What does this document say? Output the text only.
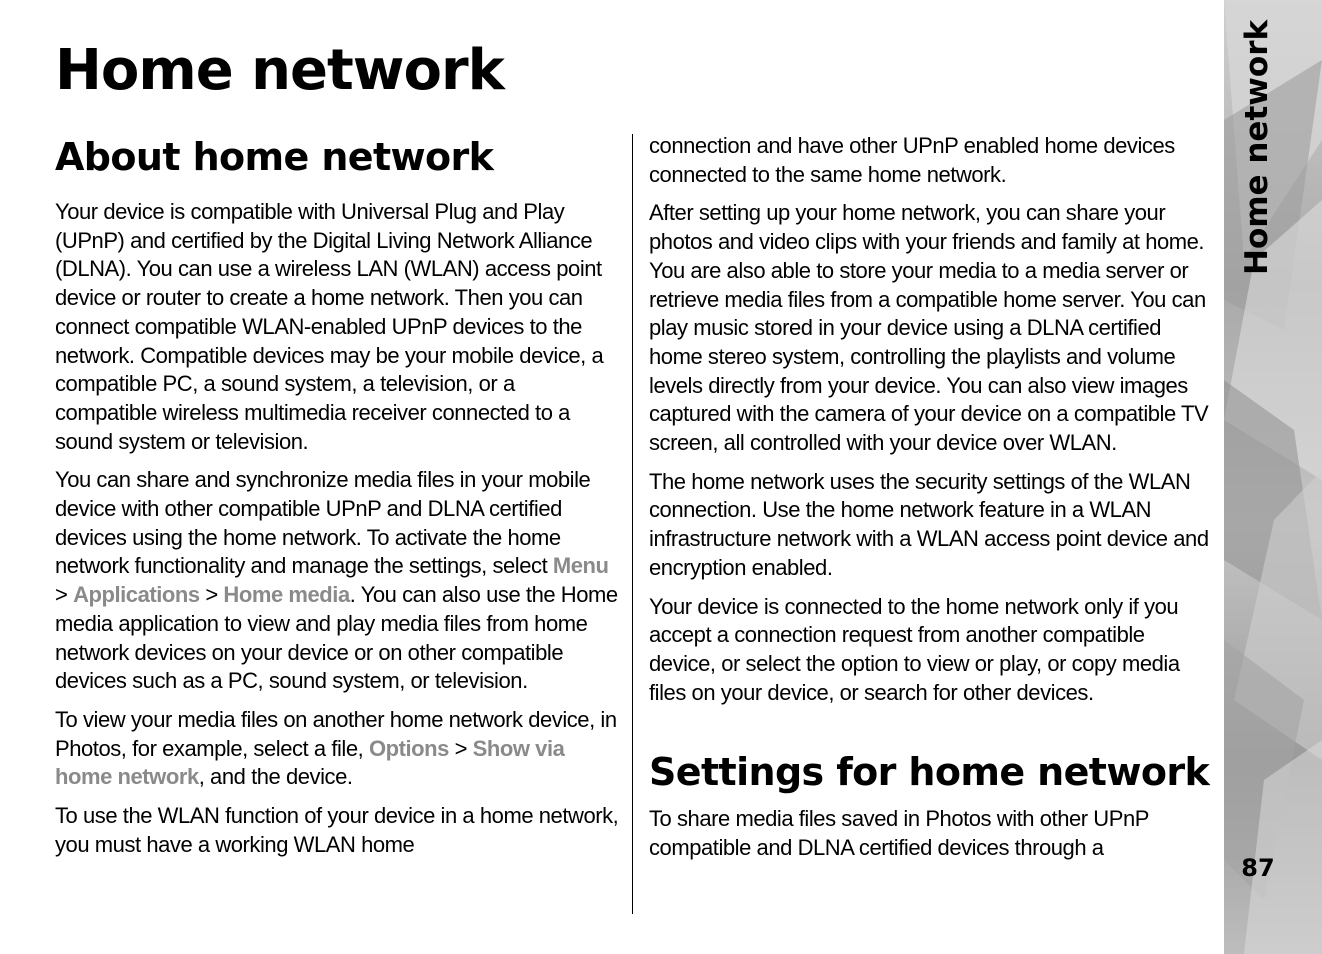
Home network
About home network

Your device is compatible with Universal Plug and Play (UPnP) and certified by the Digital Living Network Alliance (DLNA). You can use a wireless LAN (WLAN) access point device or router to create a home network. Then you can connect compatible WLAN-enabled UPnP devices to the network. Compatible devices may be your mobile device, a compatible PC, a sound system, a television, or a compatible wireless multimedia receiver connected to a sound system or television.

You can share and synchronize media files in your mobile device with other compatible UPnP and DLNA certified devices using the home network. To activate the home network functionality and manage the settings, select Menu > Applications > Home media. You can also use the Home media application to view and play media files from home network devices on your device or on other compatible devices such as a PC, sound system, or television.

To view your media files on another home network device, in Photos, for example, select a file, Options > Show via home network, and the device.

To use the WLAN function of your device in a home network, you must have a working WLAN home

connection and have other UPnP enabled home devices connected to the same home network.

After setting up your home network, you can share your photos and video clips with your friends and family at home. You are also able to store your media to a media server or retrieve media files from a compatible home server. You can play music stored in your device using a DLNA certified home stereo system, controlling the playlists and volume levels directly from your device. You can also view images captured with the camera of your device on a compatible TV screen, all controlled with your device over WLAN.

The home network uses the security settings of the WLAN connection. Use the home network feature in a WLAN infrastructure network with a WLAN access point device and encryption enabled.

Your device is connected to the home network only if you accept a connection request from another compatible device, or select the option to view or play, or copy media files on your device, or search for other devices.

Settings for home network

To share media files saved in Photos with other UPnP compatible and DLNA certified devices through a

Home network
87
